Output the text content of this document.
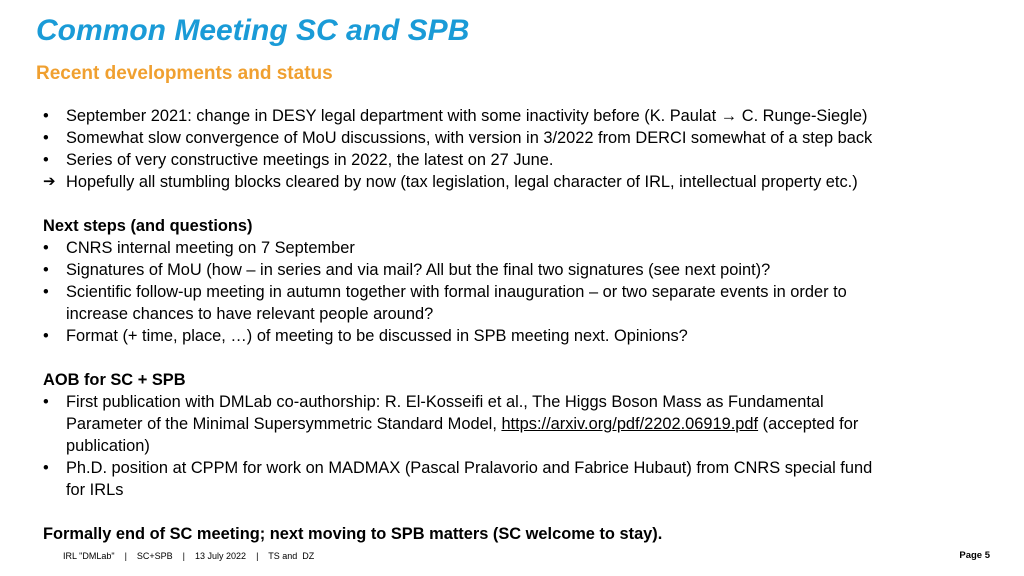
Common Meeting SC and SPB
Recent developments and status
• September 2021: change in DESY legal department with some inactivity before (K. Paulat → C. Runge-Siegle)
• Somewhat slow convergence of MoU discussions, with version in 3/2022 from DERCI somewhat of a step back
• Series of very constructive meetings in 2022, the latest on 27 June.
➔ Hopefully all stumbling blocks cleared by now (tax legislation, legal character of IRL, intellectual property etc.)
Next steps (and questions)
• CNRS internal meeting on 7 September
• Signatures of MoU (how – in series and via mail? All but the final two signatures (see next point)?
• Scientific follow-up meeting in autumn together with formal inauguration – or two separate events in order to
increase chances to have relevant people around?
• Format (+ time, place, …) of meeting to be discussed in SPB meeting next. Opinions?
AOB for SC + SPB
• First publication with DMLab co-authorship: R. El-Kosseifi et al., The Higgs Boson Mass as Fundamental
Parameter of the Minimal Supersymmetric Standard Model, https://arxiv.org/pdf/2202.06919.pdf (accepted for
publication)
• Ph.D. position at CPPM for work on MADMAX (Pascal Pralavorio and Fabrice Hubaut) from CNRS special fund
for IRLs
Formally end of SC meeting; next moving to SPB matters (SC welcome to stay).
IRL "DMLab"    |    SC+SPB    |    13 July 2022    |    TS and  DZ	Page 5
